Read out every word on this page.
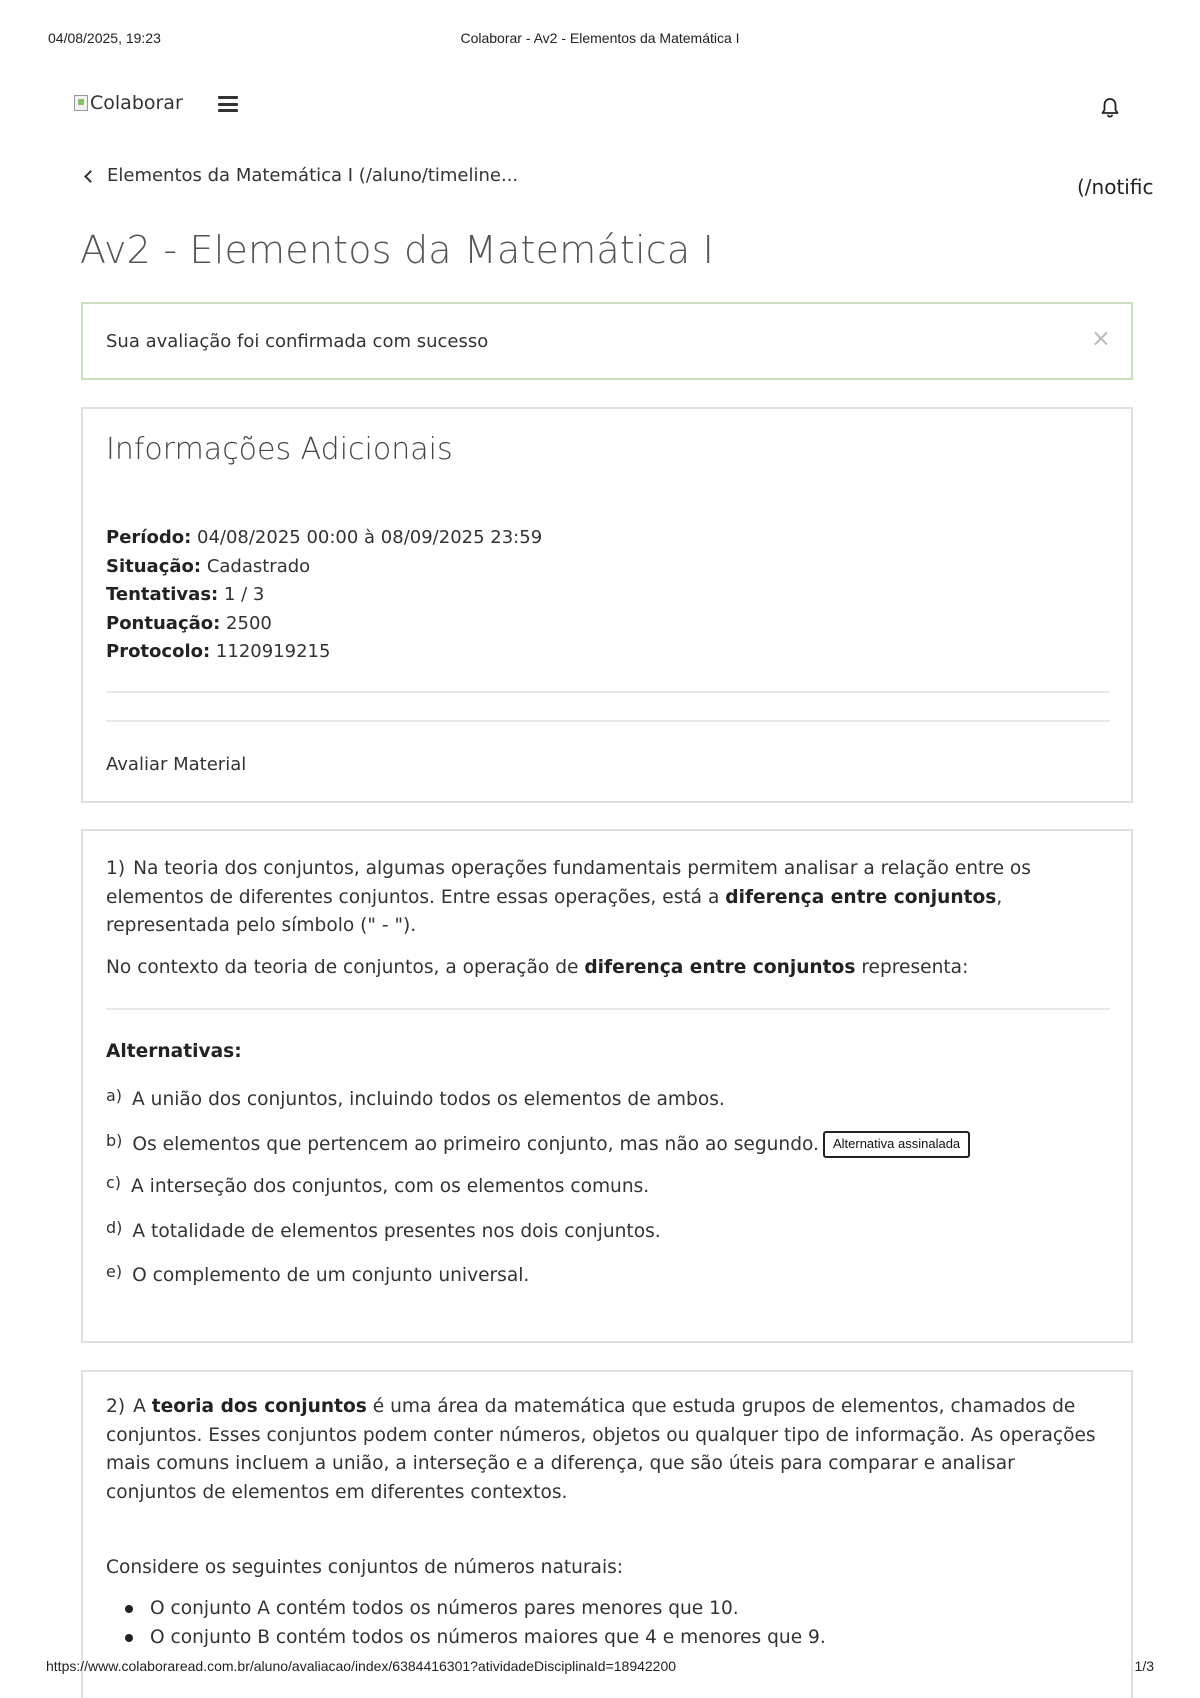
04/08/2025, 19:23	Colaborar - Av2 - Elementos da Matemática I
Colaborar
Elementos da Matemática I (/aluno/timeline...	(/notific
Av2 - Elementos da Matemática I
Sua avaliação foi confirmada com sucesso	×
Informações Adicionais
Período: 04/08/2025 00:00 à 08/09/2025 23:59
Situação: Cadastrado
Tentativas: 1 / 3
Pontuação: 2500
Protocolo: 1120919215
Avaliar Material
1) Na teoria dos conjuntos, algumas operações fundamentais permitem analisar a relação entre os elementos de diferentes conjuntos. Entre essas operações, está a diferença entre conjuntos, representada pelo símbolo (" - ").
No contexto da teoria de conjuntos, a operação de diferença entre conjuntos representa:
Alternativas:
a) A união dos conjuntos, incluindo todos os elementos de ambos.
b) Os elementos que pertencem ao primeiro conjunto, mas não ao segundo.	Alternativa assinalada
c) A interseção dos conjuntos, com os elementos comuns.
d) A totalidade de elementos presentes nos dois conjuntos.
e) O complemento de um conjunto universal.
2) A teoria dos conjuntos é uma área da matemática que estuda grupos de elementos, chamados de conjuntos. Esses conjuntos podem conter números, objetos ou qualquer tipo de informação. As operações mais comuns incluem a união, a interseção e a diferença, que são úteis para comparar e analisar conjuntos de elementos em diferentes contextos.
Considere os seguintes conjuntos de números naturais:
O conjunto A contém todos os números pares menores que 10.
O conjunto B contém todos os números maiores que 4 e menores que 9.
https://www.colaboraread.com.br/aluno/avaliacao/index/6384416301?atividadeDisciplinaId=18942200	1/3
